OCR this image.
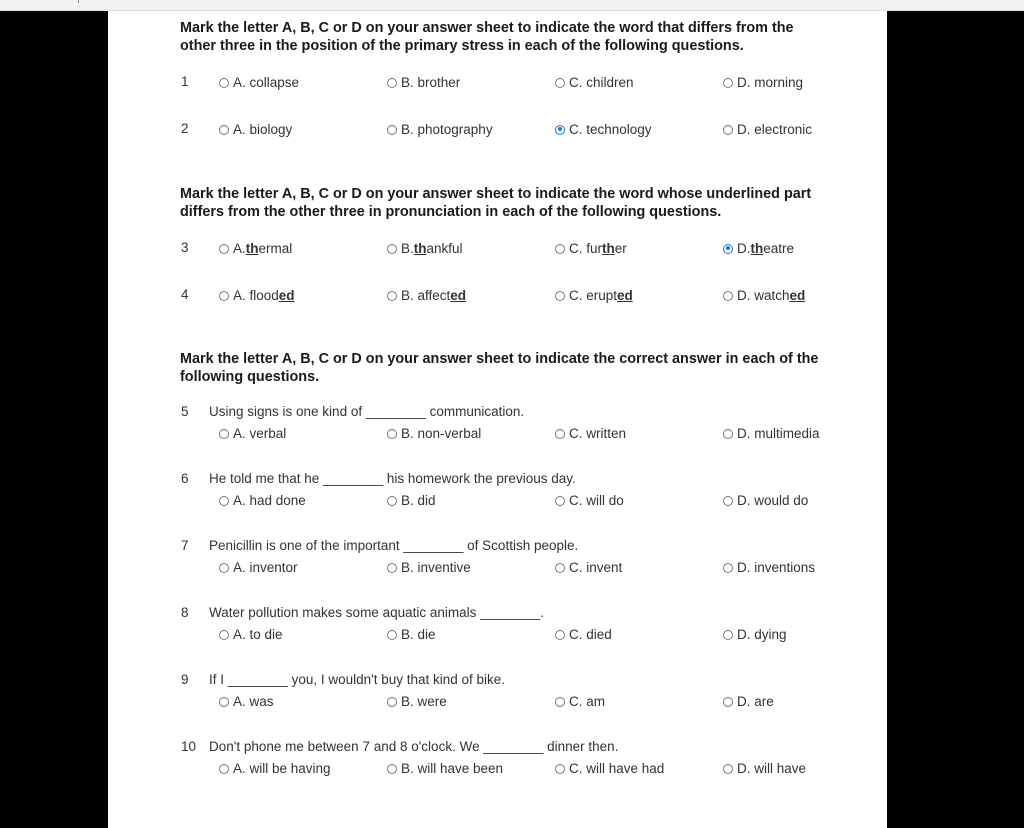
Mark the letter A, B, C or D on your answer sheet to indicate the word that differs from the other three in the position of the primary stress in each of the following questions.

1	A. collapse	B. brother	C. children	D. morning
2	A. biology	B. photography	C. technology	D. electronic

Mark the letter A, B, C or D on your answer sheet to indicate the word whose underlined part differs from the other three in pronunciation in each of the following questions.

3	A. th ermal	B. th ankful	C. fur th er	D. th eatre
4	A. flood ed	B. affect ed	C. erupt ed	D. watch ed

Mark the letter A, B, C or D on your answer sheet to indicate the correct answer in each of the following questions.

5 Using signs is one kind of ________ communication.
A. verbal	B. non-verbal	C. written	D. multimedia
6 He told me that he ________ his homework the previous day.
A. had done	B. did	C. will do	D. would do
7 Penicillin is one of the important ________ of Scottish people.
A. inventor	B. inventive	C. invent	D. inventions
8 Water pollution makes some aquatic animals ________.
A. to die	B. die	C. died	D. dying
9 If I ________ you, I wouldn't buy that kind of bike.
A. was	B. were	C. am	D. are
10 Don't phone me between 7 and 8 o'clock. We ________ dinner then.
A. will be having	B. will have been	C. will have had	D. will have
